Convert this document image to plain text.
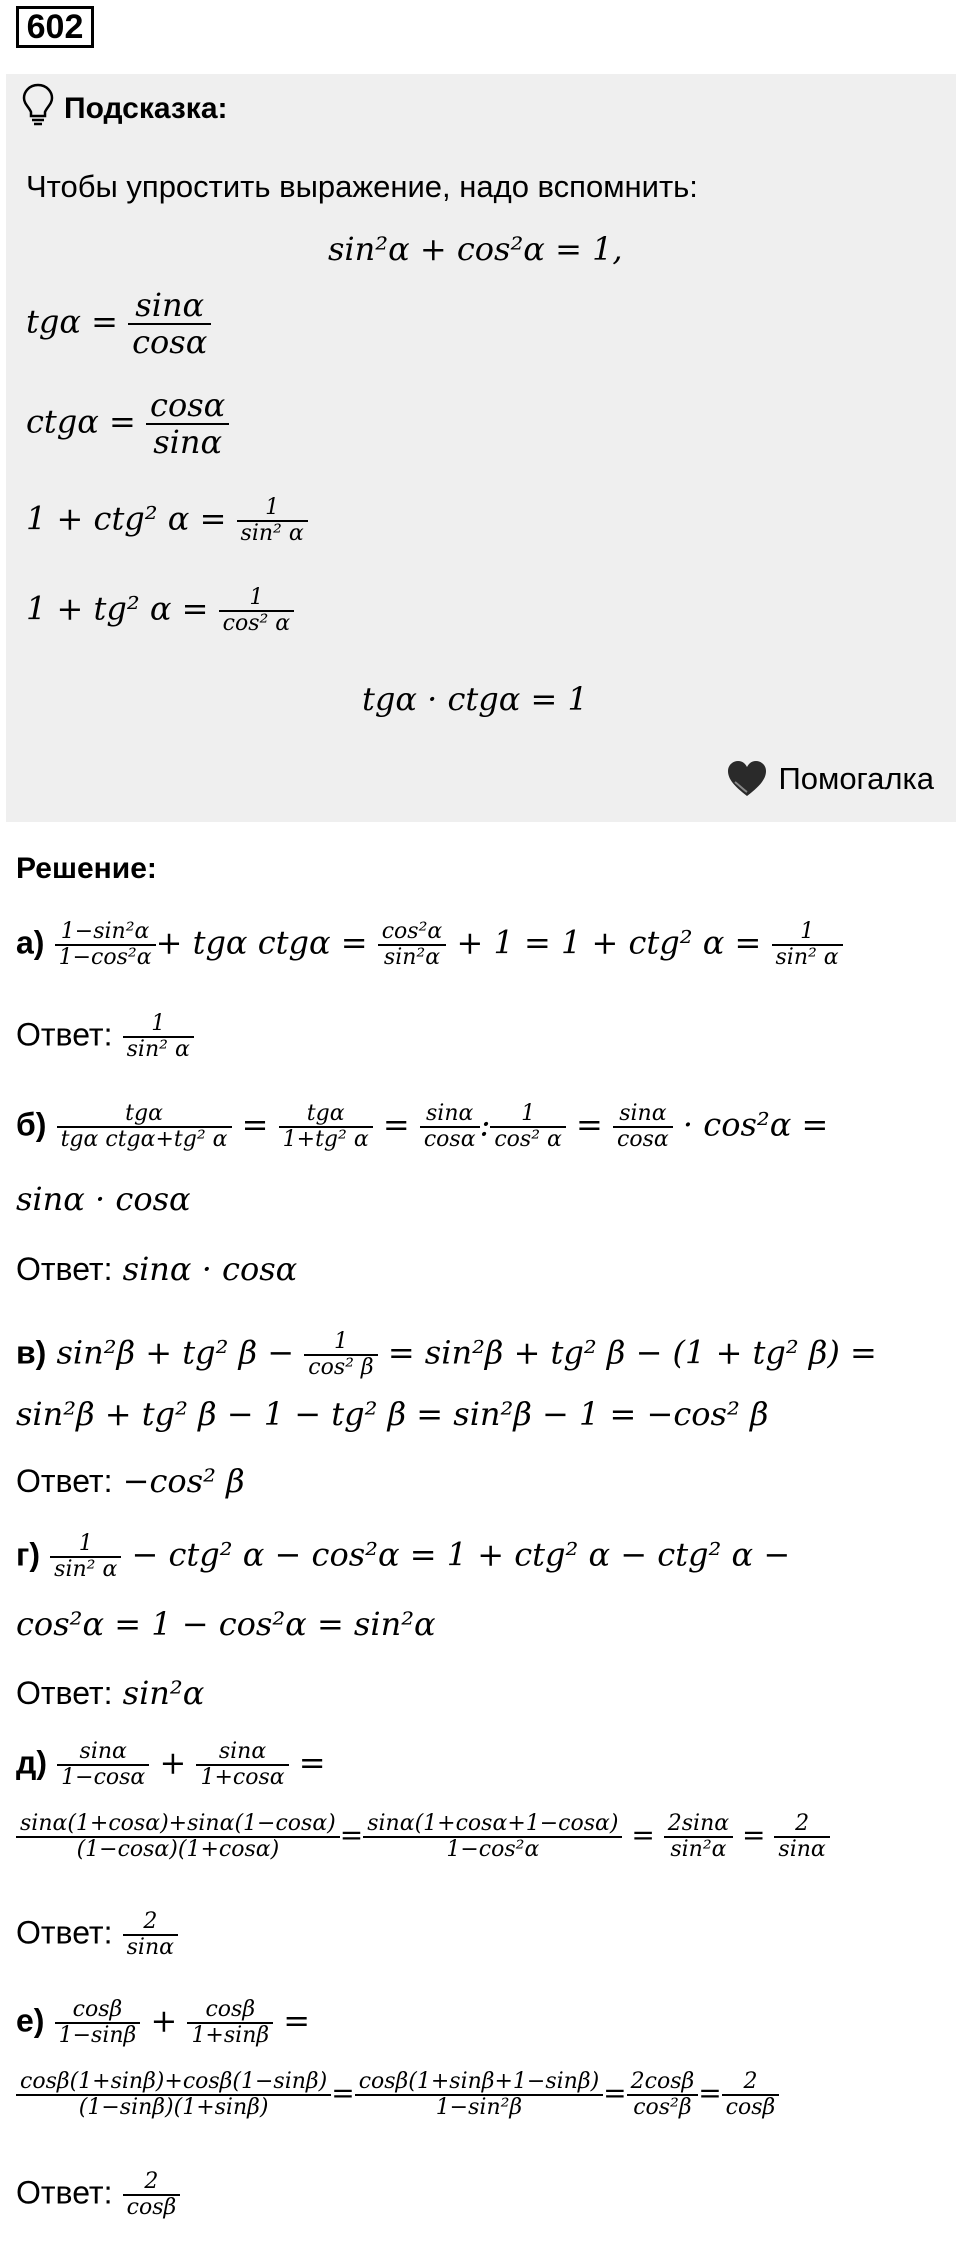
602
Подсказка:
Чтобы упростить выражение, надо вспомнить:
sin²α + cos²α = 1,
$tg\alpha = \frac{\sin\alpha}{\cos\alpha}$
$ctg\alpha = \frac{\cos\alpha}{\sin\alpha}$
1 + ctg² $\alpha = \frac{1}{\text{sin² α}}$
1 + tg² $\alpha = \frac{1}{\text{cos² α}}$
tgα · ctgα = 1
Помогалка
Решение:
$а) \frac{\text{1−sin²α}}{\text{1−cos²α}} + tg\alpha$ $ctg\alpha = \frac{\text{cos²α}}{\text{sin²α}} + 1 = 1 + ctg^2$ $\alpha = \frac{1}{\text{sin² α}}$
Ответ: $\frac{1}{\text{sin² α}}$
$б) \frac{\text{tgα}}{\text{tgα ctgα+tg² α}} = \frac{\text{tgα}}{\text{1+tg² α}} = \frac{\sin\alpha}{\cos\alpha}$ : $\frac{1}{\text{cos² α}} = \frac{\sin\alpha}{\cos\alpha} \cdot \cos^2\alpha$ =
sinα · cosα
Ответ: sinα · cosα
в) sin²β + tg² $\beta - \frac{1}{\text{cos² β}} = \sin^2\beta + tg^2$ β − (1 + tg² β) =
sin²β + tg² β − 1 − tg² β = sin²β − 1 = −cos² β
Ответ: −cos² β
$г) \frac{1}{\text{sin² α}} - ctg^2$ α − cos²α = 1 + ctg² α − ctg² α −
cos²α = 1 − cos²α = sin²α
Ответ: sin²α
$д) \frac{\sin\alpha}{1-\cos\alpha} + \frac{\sin\alpha}{1+\cos\alpha}$ =
$\frac{\sin\alpha(1+\cos\alpha)+\sin\alpha(1-\cos\alpha)}{(1-\cos\alpha)(1+\cos\alpha)} = \frac{\sin\alpha(1+\cos\alpha+1-\cos\alpha)}{\text{1−cos²α}} = \frac{2\sin\alpha}{\text{sin²α}} = \frac{2}{\sin\alpha}$
Ответ: $\frac{2}{\sin\alpha}$
$е) \frac{\cos\beta}{1-\sin\beta} + \frac{\cos\beta}{1+\sin\beta}$ =
$\frac{\cos\beta(1+\sin\beta)+\cos\beta(1-\sin\beta)}{(1-\sin\beta)(1+\sin\beta)} = \frac{\cos\beta(1+\sin\beta+1-\sin\beta)}{\text{1−sin²β}} = \frac{2\cos\beta}{\text{cos²β}} = \frac{2}{\cos\beta}$
Ответ: $\frac{2}{\cos\beta}$
